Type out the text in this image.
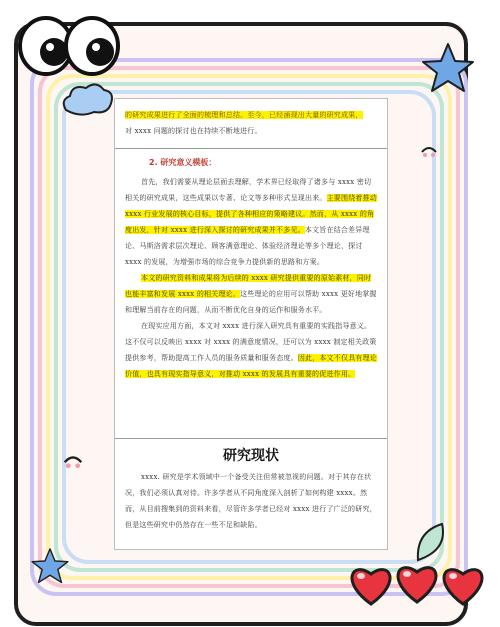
的研究成果进行了全面的梳理和总结。至今，已经涌现出大量的研究成果，
对 xxxx 问题的探讨也在持续不断地进行。
2. 研究意义模板：

首先，我们需要从理论层面去理解，学术界已经取得了诸多与 xxxx 密切相关的研究成果，这些成果以专著、论文等多种形式呈现出来。主要围绕着推动 xxxx 行业发展的核心目标，提供了各种相应的策略建议。然而，从 xxxx 的角度出发，针对 xxxx 进行深入探讨的研究成果并不多见。本文旨在结合差异理论、马斯洛需求层次理论、顾客满意理论、体验经济理论等多个理论，探讨 xxxx 的发展，为增强市场的综合竞争力提供新的思路和方案。

本文的研究资料和成果将为后续的 xxxx 研究提供重要的原始素材，同时也能丰富和发展 xxxx 的相关理论。这些理论的应用可以帮助 xxxx 更好地掌握和理解当前存在的问题，从而不断优化自身的运作和服务水平。

在现实应用方面，本文对 xxxx 进行深入研究具有重要的实践指导意义。这不仅可以反映出 xxxx 对 xxxx 的满意度情况，还可以为 xxxx 制定相关政策提供参考，帮助提高工作人员的服务质量和服务态度。因此，本文不仅具有理论价值，也具有现实指导意义，对推动 xxxx 的发展具有重要的促进作用。

研究现状

xxxx. 研究是学术领域中一个备受关注但常被忽视的问题。对于其存在状况，我们必须认真对待。许多学者从不同角度深入剖析了如何构建 xxxx。然而，从目前搜集到的资料来看，尽管许多学者已经对 xxxx 进行了广泛的研究，但是这些研究中仍然存在一些不足和缺陷。
